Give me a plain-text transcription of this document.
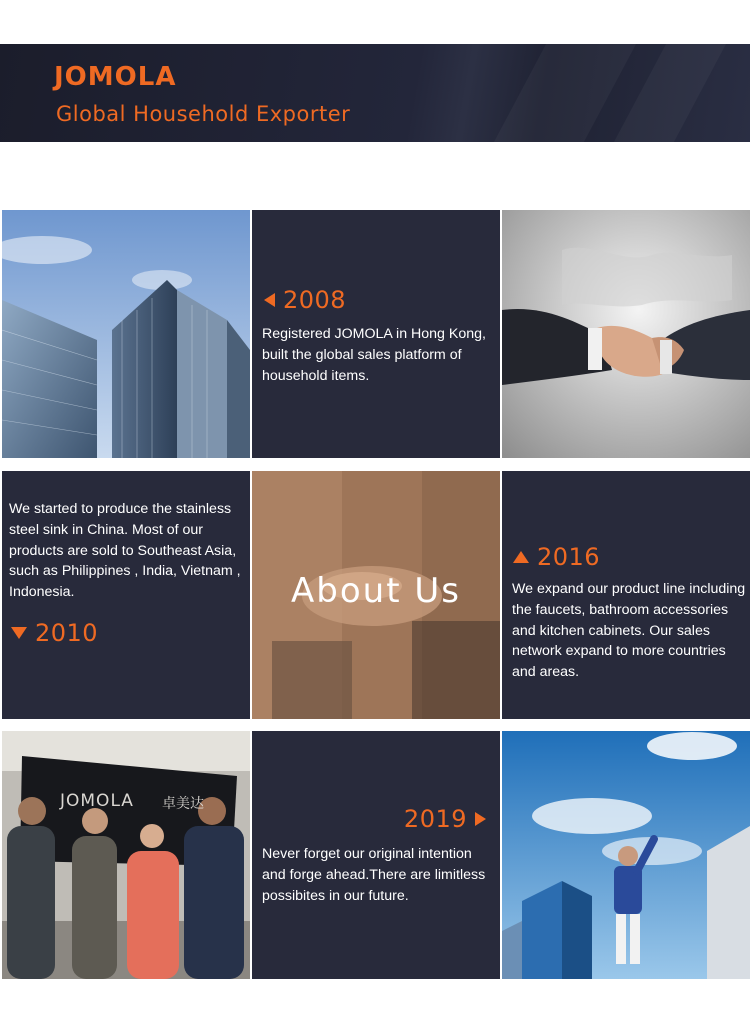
JOMOLA
Global Household Exporter
2008
Registered JOMOLA in Hong Kong, built the global sales platform of household items.
We started to produce the stainless steel sink in China. Most of our products are sold to Southeast Asia, such as Philippines , India, Vietnam , Indonesia.
2010
About Us
2016
We expand our product line including the faucets, bathroom accessories and kitchen cabinets. Our sales network expand to more countries and areas.
JOMOLA 卓美达
2019
Never forget our original intention and forge ahead.There are limitless possibites in our future.
